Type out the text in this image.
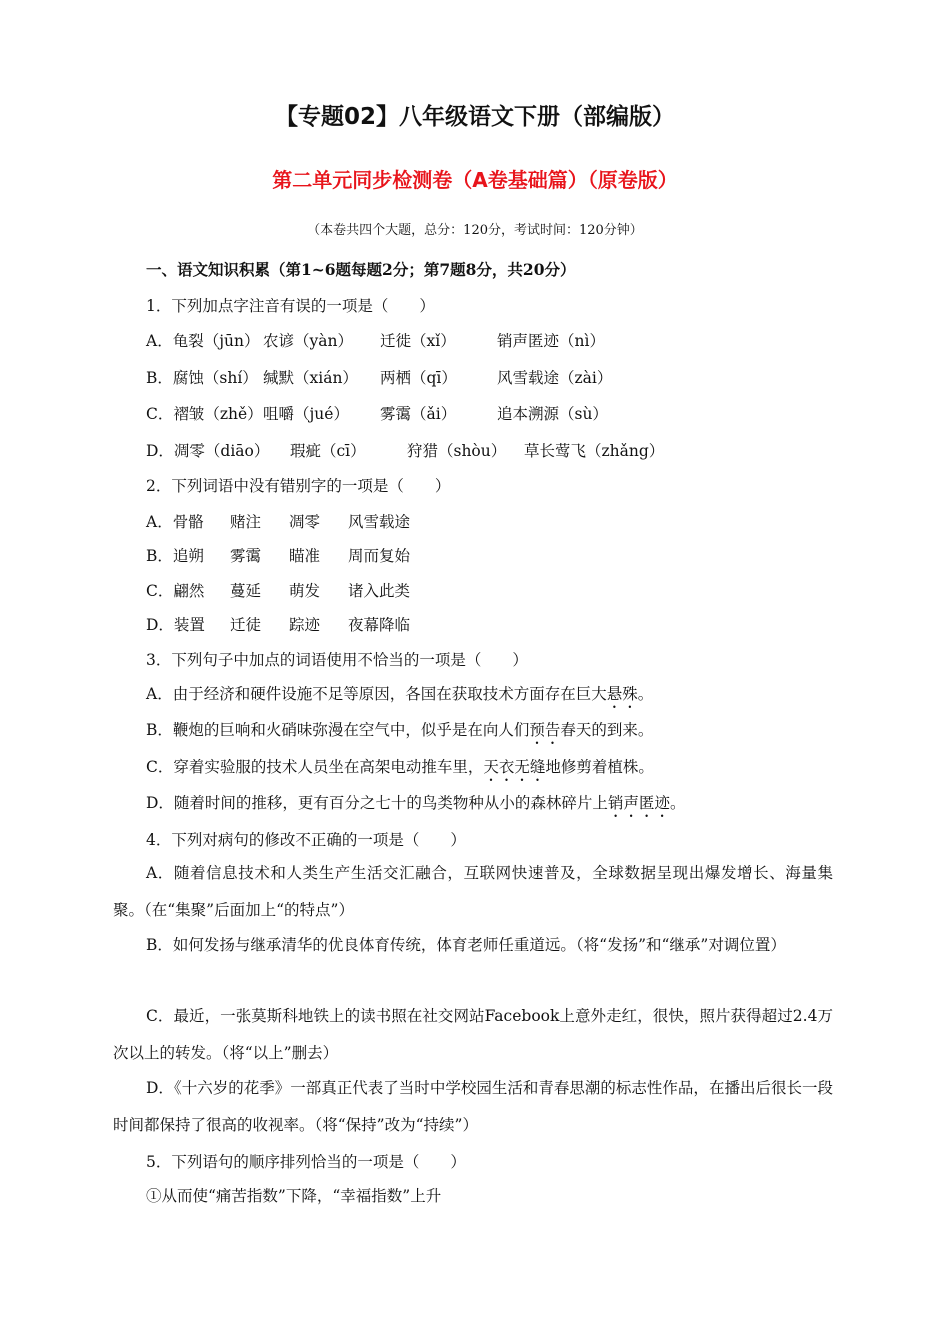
【专题02】八年级语文下册（部编版）
第二单元同步检测卷（A卷基础篇）（原卷版）
（本卷共四个大题，总分：120分，考试时间：120分钟）
一、语文知识积累（第1~6题每题2分；第7题8分，共20分）
1．下列加点字注音有误的一项是（　　）
A．龟裂（jūn） 农谚（yàn） 迁徙（xǐ）	销声匿迹（nì）
B．腐蚀（shí） 缄默（xián） 两栖（qī）	风雪载途（zài）
C．褶皱（zhě）咀嚼（jué） 雾霭（ǎi）	追本溯源（sù）
D．凋零（diāo） 瑕疵（cī）	狩猎（shòu） 草长莺飞（zhǎng）
2．下列词语中没有错别字的一项是（　　）
A．骨骼 赌注 凋零 风雪载途
B．追朔 雾霭 瞄准 周而复始
C．翩然 蔓延 萌发 诸入此类
D．装置 迁徒 踪迹 夜幕降临
3．下列句子中加点的词语使用不恰当的一项是（　　）
A．由于经济和硬件设施不足等原因，各国在获取技术方面存在巨大悬殊。
B．鞭炮的巨响和火硝味弥漫在空气中，似乎是在向人们预告春天的到来。
C．穿着实验服的技术人员坐在高架电动推车里，天衣无缝地修剪着植株。
D．随着时间的推移，更有百分之七十的鸟类物种从小的森林碎片上销声匿迹。
4．下列对病句的修改不正确的一项是（　　）
A．随着信息技术和人类生产生活交汇融合，互联网快速普及，全球数据呈现出爆发增长、海量集聚。（在“集聚”后面加上“的特点”）
B．如何发扬与继承清华的优良体育传统，体育老师任重道远。（将“发扬”和“继承”对调位置）
C．最近，一张莫斯科地铁上的读书照在社交网站Facebook上意外走红，很快，照片获得超过2.4万次以上的转发。（将“以上”删去）
D．《十六岁的花季》一部真正代表了当时中学校园生活和青春思潮的标志性作品，在播出后很长一段时间都保持了很高的收视率。（将“保持”改为“持续”）
5．下列语句的顺序排列恰当的一项是（　　）
①从而使“痛苦指数”下降，“幸福指数”上升
